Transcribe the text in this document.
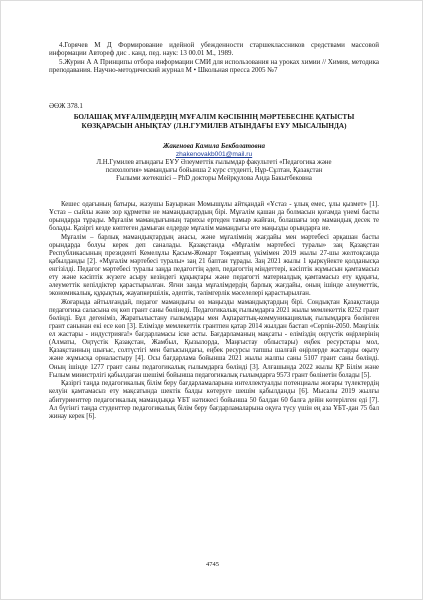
4.Горячев М Д Формирование идейной убежденности старшеклассников средствами массовой информации Автореф дис . канд. пед. наук: 13 00.01 М., 1989.

5.Журин А А Принципы отбора информации СМИ для использования на уроках химии // Химия, методика преподавания. Научно-методический журнал М • Школьная пресса 2005 №7

ӘӨЖ 378.1
БОЛАШАҚ МҰҒАЛІМДЕРДІҢ МҰҒАЛІМ КӘСІБІНІҢ МӘРТЕБЕСІНЕ ҚАТЫСТЫ КӨЗҚАРАСЫН АНЫҚТАУ (Л.Н.ГУМИЛЕВ АТЫНДАҒЫ ЕҰУ МЫСАЛЫНДА)
Жакенова Камила Бекболатовна
zhakenovakb001@mail.ru
Л.Н.Гумилев атындағы ЕҰУ Әлеуметтік ғылымдар факультеті «Педагогика және
психология» мамандығы бойынша 2 курс студенті, Нұр-Сұлтан, Қазақстан
Ғылыми жетекшісі – PhD докторы Мейрқулова Аида Бакытбековна

Кешес одағының батыры, жазушы Бауыржан Момышұлы айтқандай «Ұстаз - ұлық емес, ұлы қызмет» [1]. Ұстаз – сыйлы және зор құрметке не мамандықтардың бірі. Мұғалім қашан да болмасын қоғамда үнемі басты орындарда тұрады. Мұғалім мамандығының тарихы ертеден тамыр жайған, болашағы зор мамандық десек те болады. Қазіргі кезде көптеген дамыған елдерде мұғалім мамандығы өте маңызды орындарға ие.

Мұғалім – барлық мамандықтардың анасы, және мұғалімнің жағдайы мен мәртебесі әрқашан басты орындарда болуы керек деп саналады. Қазақстанда «Мұғалім мәртебесі туралы» заң Қазақстан Республикасының президенті Кемелұлы Қасым-Жомарт Тоқаевтың үкімімен 2019 жылы 27-шы желтоқсанда қабылданды [2]. «Мұғалім мәртебесі туралы» заң 21 баптан тұрады. Заң 2021 жылы 1 қыркүйекте қолданысқа енгізілді. Педагог мәртебесі туралы заңда педагогтің әдеп, педагогтің міндеттері, кәсіптік жұмысын қамтамасыз ету және кәсіптік жүзеге асыру кезіндегі құқықтары және педагогті материалдық қамтамасыз ету құқығы, әлеуметтік кепілдіктер қарастырылған. Яғни заңда мұғалімдердің барлық жағдайы, оның ішінде әлеуметтік, экономикалық, құқықтық, жауапкершілік, әдептік, тәлімгерлік мәселелері қарастырылған.

Жоғарыда айтылғандай, педагог мамандығы өз маңызды мамандықтардың бірі. Сондықтан Қазақстанда педагогика саласына ең көп грант саны бөлінеді. Педагогикалық ғылымдарға 2021 жылы мемлекеттік 8252 грант бөлінді. Бұл дегеніміз, Жаратылыстану ғылымдары мен Ақпараттық-коммуникациялық ғылымдарға бөлінген грант санынан екі есе көп [3]. Еліміздe мемлекеттік грантпен қатар 2014 жылдан бастап «Серпін-2050. Мәңгілік ел жастары - индустрияға!» бағдарламасы іске асты. Бағдарламаның мақсаты - еліміздің оңтүстік өңірлерінің (Алматы, Оңтүстік Қазақстан, Жамбыл, Қызылорда, Маңғыстау облыстары) еңбек ресурстары мол, Қазақстанның шығыс, солтүстігі мен батысындағы, еңбек ресурсы тапшы шалғай өңірлерде жастарды оқыту және жұмысқа орналастыру [4]. Осы бағдарлама бойынша 2021 жылы жалпы саны 5107 грант саны бөлінді. Оның ішінде 1277 грант саны педагогикалық ғылымдарға бөлінді [3]. Алғашында 2022 жылы ҚР Білім және Ғылым министрлігі қабылдаған шешімі бойынша педагогикалық ғылымдарға 9573 грант бөлінетін болады [5].

Қазіргі таңда педагогикалық білім беру бағдарламаларына интеллектуалды потенциалы жоғары түлектердің келуін қамтамасыз ету мақсатында шектік балды көтеруге шешім қабылданды [6]. Мысалы 2019 жылғы абитуриенттер педагогикалық мамандыққа ҰБТ нәтижесі бойынша 50 балдан 60 балға дейін көтерілген еді [7]. Ал бүгінгі таңда студенттер педагогикалық білім беру бағдарламаларына оқуға түсу үшін ең аза ҰБТ-дан 75 бал жинау керек [6].

4745
